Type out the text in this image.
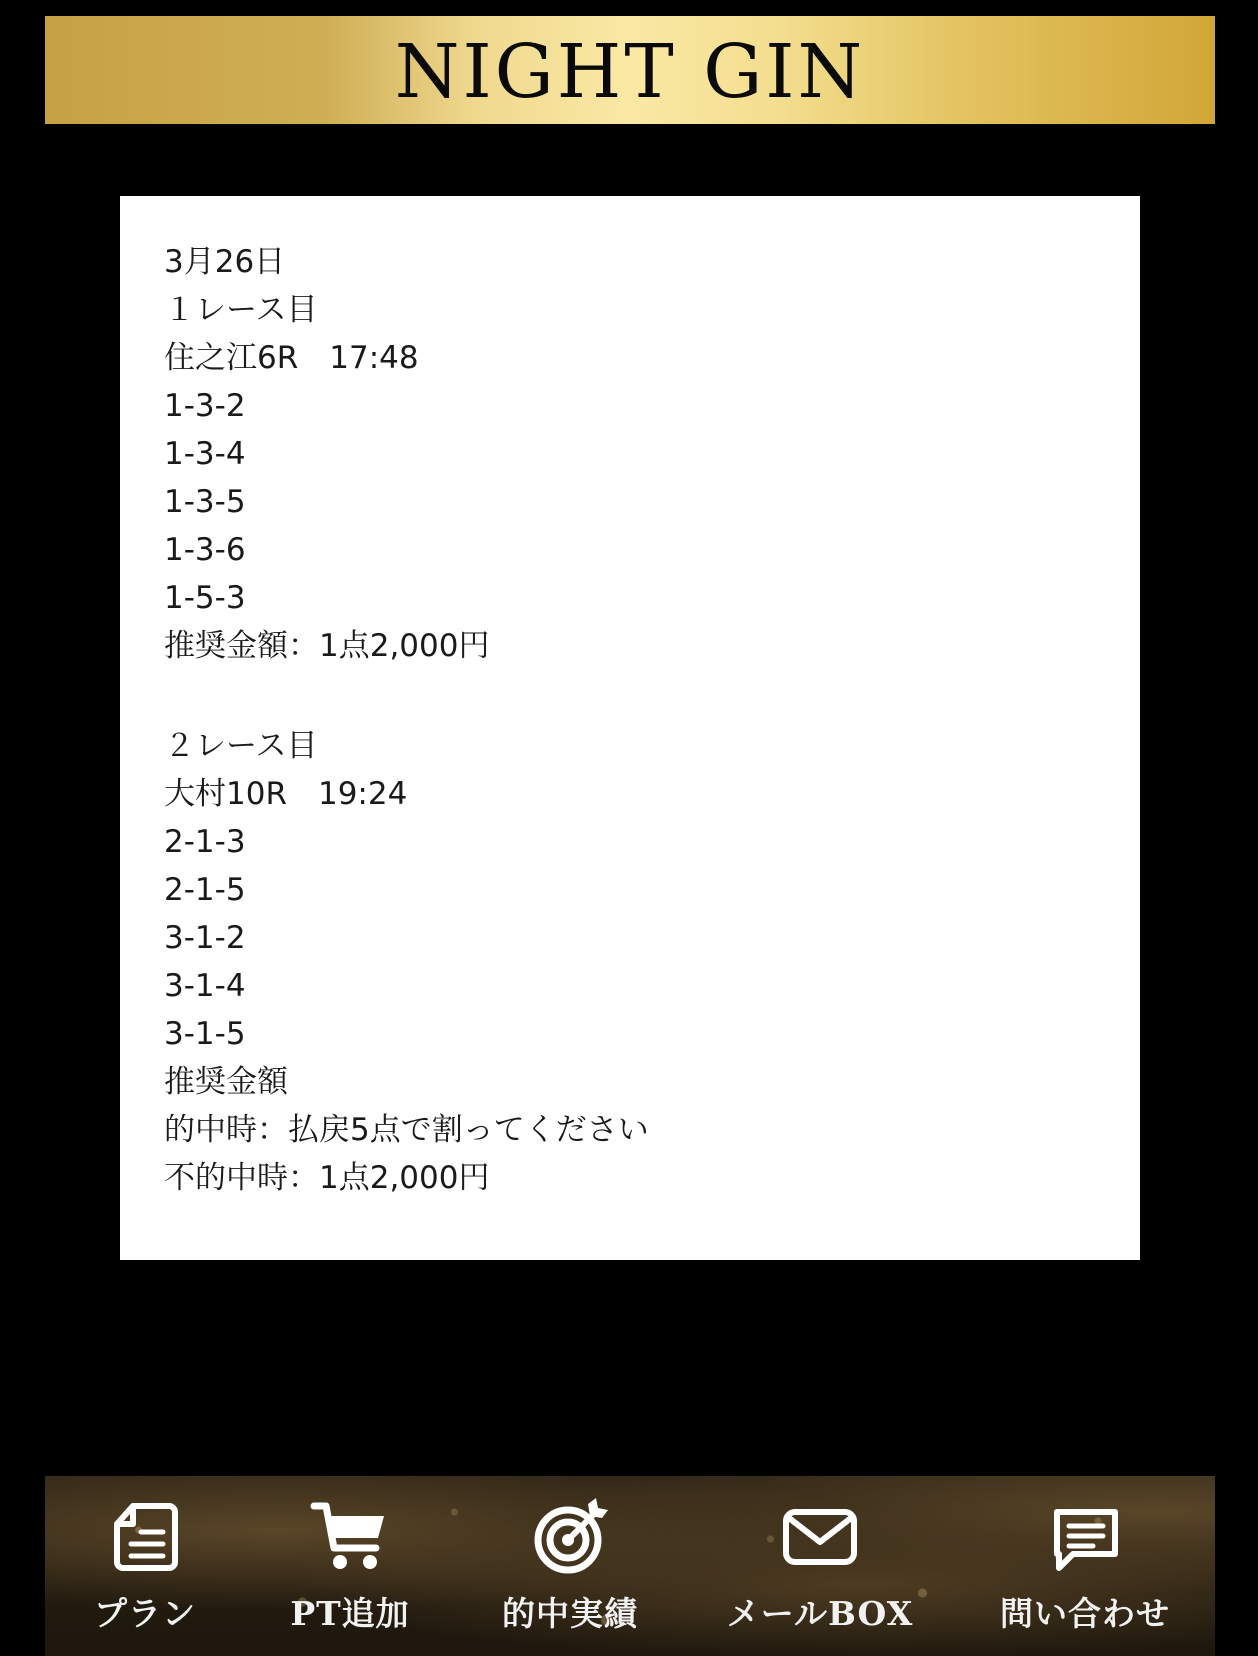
NIGHT GIN
3月26日
１レース目
住之江6R　17:48
1-3-2
1-3-4
1-3-5
1-3-6
1-5-3
推奨金額：1点2,000円
２レース目
大村10R　19:24
2-1-3
2-1-5
3-1-2
3-1-4
3-1-5
推奨金額
的中時：払戻5点で割ってください
不的中時：1点2,000円
プラン	PT追加	的中実績	メールBOX	問い合わせ
